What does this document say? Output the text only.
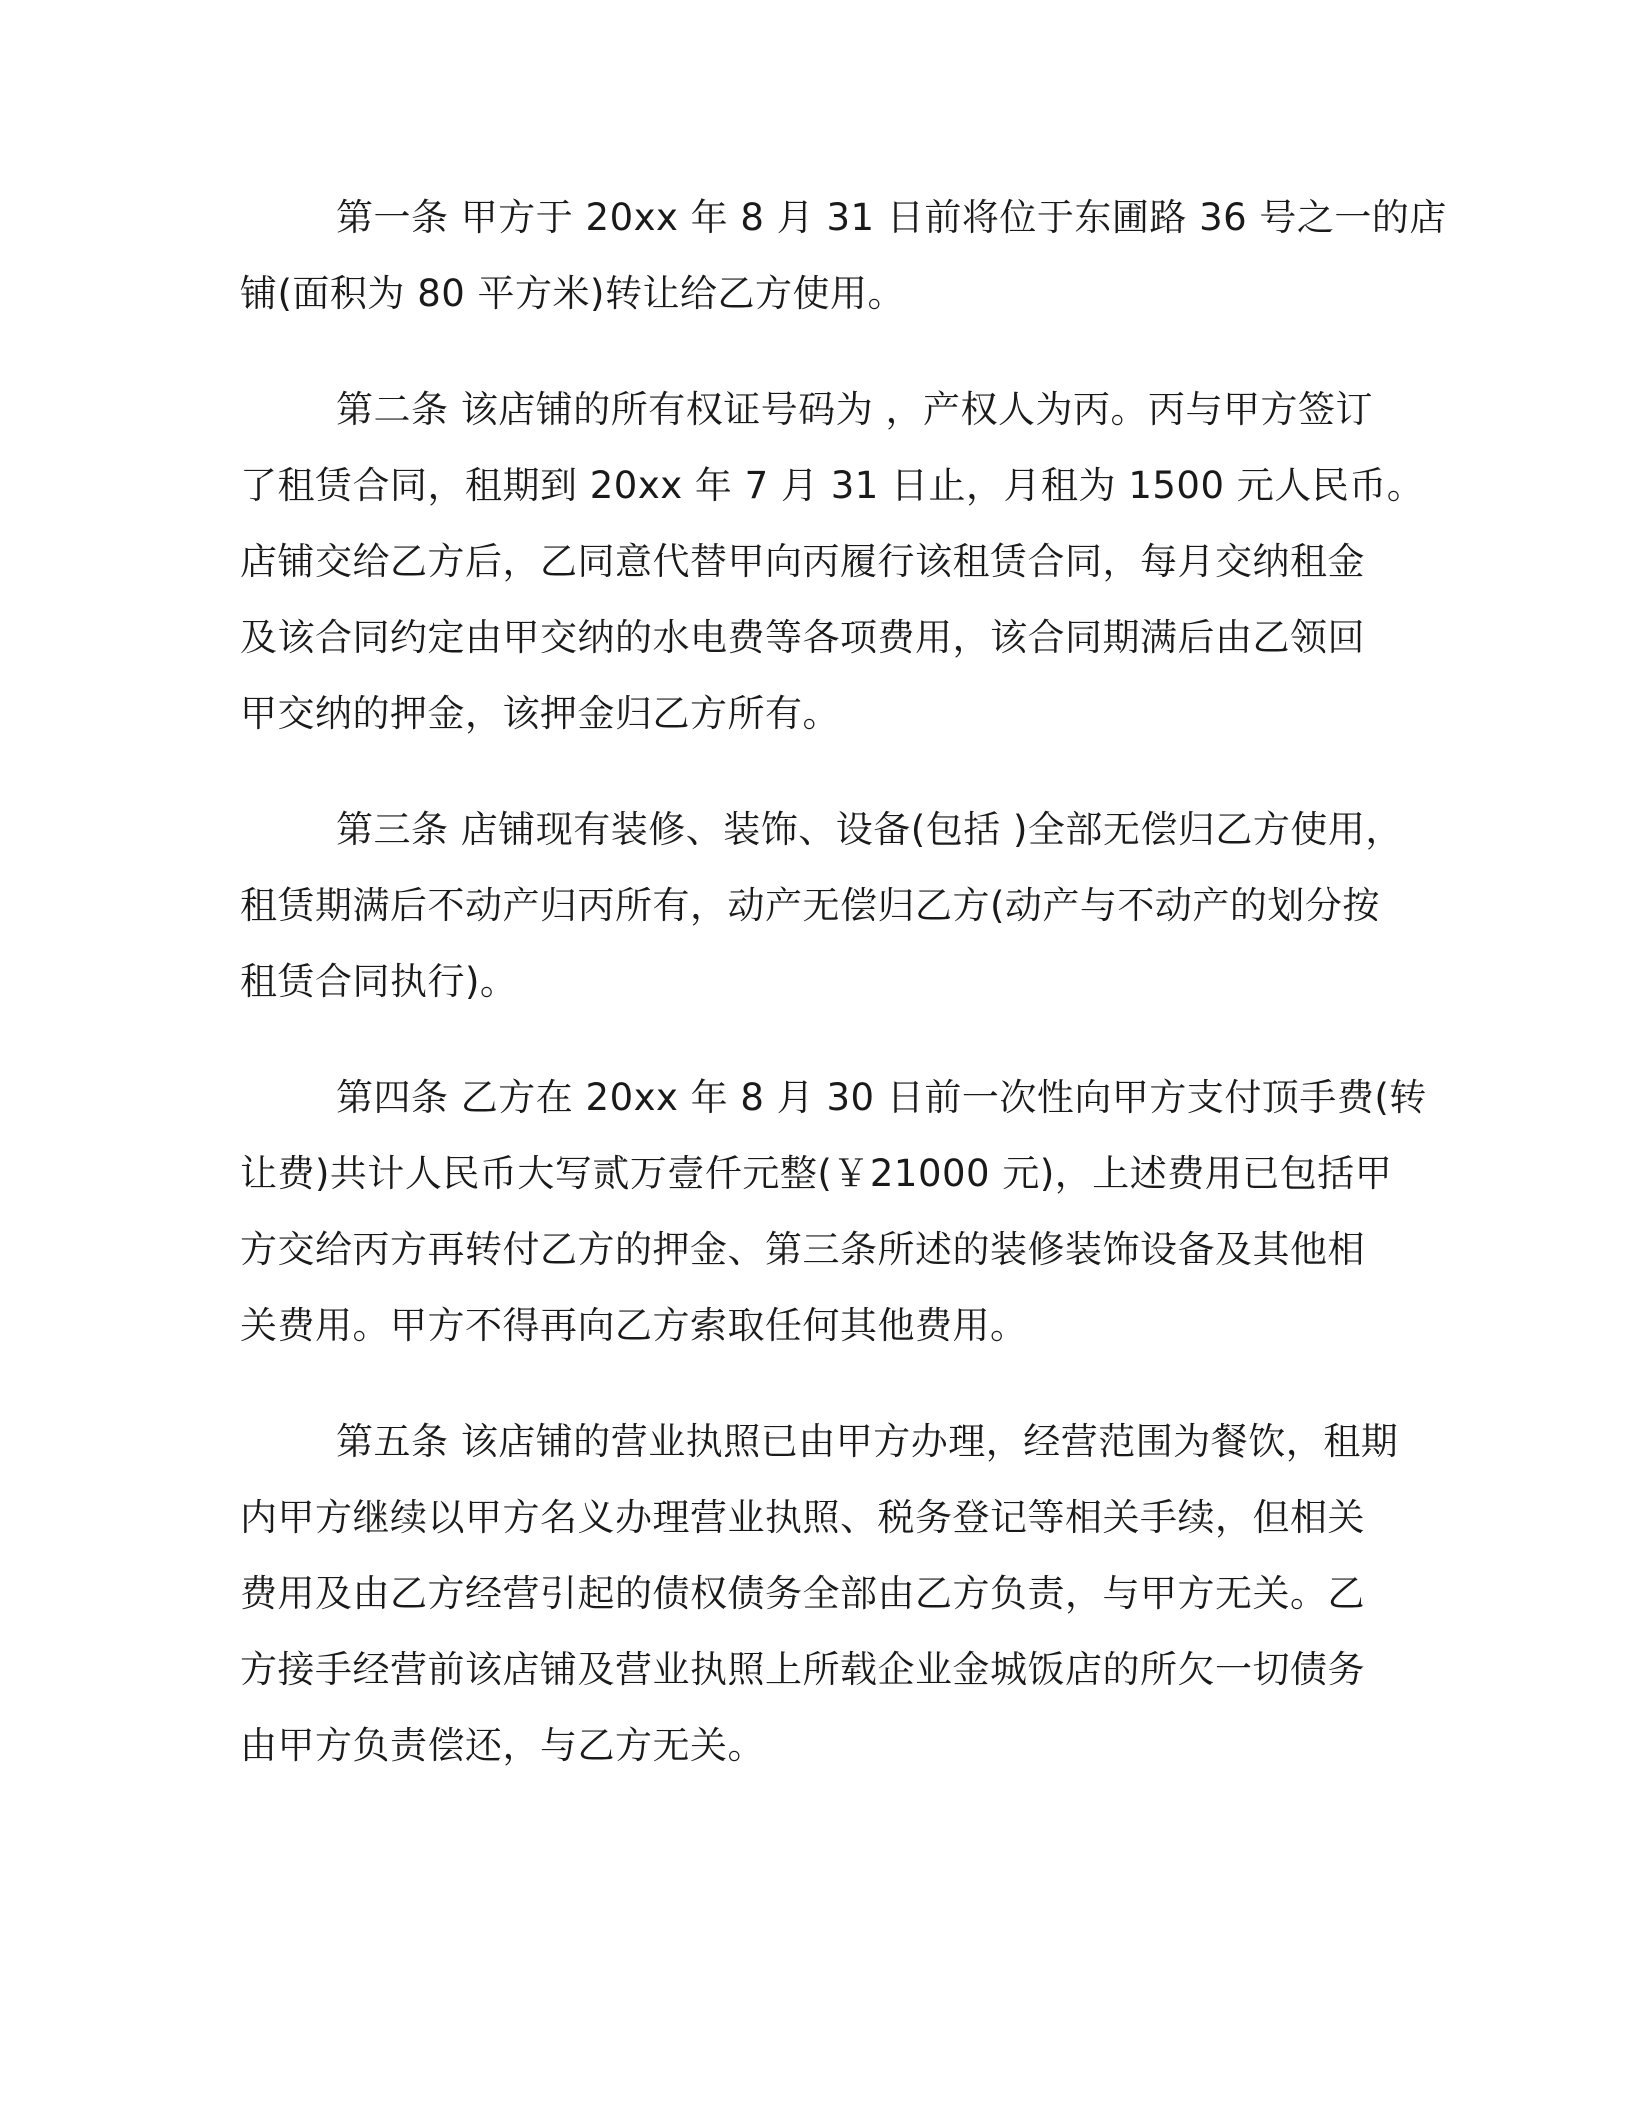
第一条 甲方于 20xx 年 8 月 31 日前将位于东圃路 36 号之一的店
铺(面积为 80 平方米)转让给乙方使用。
第二条 该店铺的所有权证号码为 ，产权人为丙。丙与甲方签订
了租赁合同，租期到 20xx 年 7 月 31 日止，月租为 1500 元人民币。
店铺交给乙方后，乙同意代替甲向丙履行该租赁合同，每月交纳租金
及该合同约定由甲交纳的水电费等各项费用，该合同期满后由乙领回
甲交纳的押金，该押金归乙方所有。
第三条 店铺现有装修、装饰、设备(包括 )全部无偿归乙方使用，
租赁期满后不动产归丙所有，动产无偿归乙方(动产与不动产的划分按
租赁合同执行)。
第四条 乙方在 20xx 年 8 月 30 日前一次性向甲方支付顶手费(转
让费)共计人民币大写贰万壹仟元整(￥21000 元)，上述费用已包括甲
方交给丙方再转付乙方的押金、第三条所述的装修装饰设备及其他相
关费用。甲方不得再向乙方索取任何其他费用。
第五条 该店铺的营业执照已由甲方办理，经营范围为餐饮，租期
内甲方继续以甲方名义办理营业执照、税务登记等相关手续，但相关
费用及由乙方经营引起的债权债务全部由乙方负责，与甲方无关。乙
方接手经营前该店铺及营业执照上所载企业金城饭店的所欠一切债务
由甲方负责偿还，与乙方无关。
